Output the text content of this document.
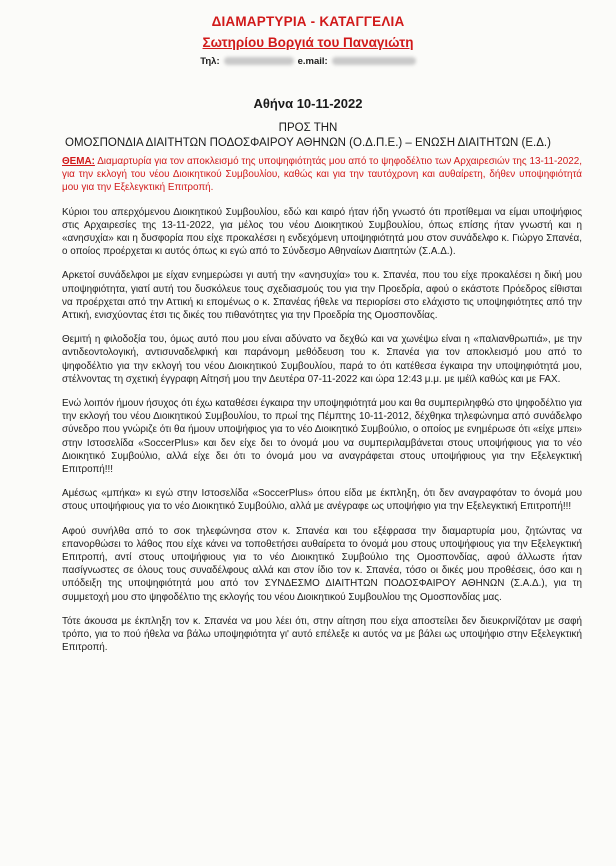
ΔΙΑΜΑΡΤΥΡΙΑ - ΚΑΤΑΓΓΕΛΙΑ
Σωτηρίου Βοργιά του Παναγιώτη
Τηλ:	e.mail:
Αθήνα 10-11-2022
ΠΡΟΣ ΤΗΝ
ΟΜΟΣΠΟΝΔΙΑ ΔΙΑΙΤΗΤΩΝ ΠΟΔΟΣΦΑΙΡΟΥ ΑΘΗΝΩΝ (Ο.Δ.Π.Ε.) – ΕΝΩΣΗ ΔΙΑΙΤΗΤΩΝ (Ε.Δ.)

ΘΕΜΑ: Διαμαρτυρία για τον αποκλεισμό της υποψηφιότητάς μου από το ψηφοδέλτιο των Αρχαιρεσιών της 13-11-2022, για την εκλογή του νέου Διοικητικού Συμβουλίου, καθώς και για την ταυτόχρονη και αυθαίρετη, δήθεν υποψηφιότητά μου για την Εξελεγκτική Επιτροπή.

Κύριοι του απερχόμενου Διοικητικού Συμβουλίου, εδώ και καιρό ήταν ήδη γνωστό ότι προτίθεμαι να είμαι υποψήφιος στις Αρχαιρεσίες της 13-11-2022, για μέλος του νέου Διοικητικού Συμβουλίου, όπως επίσης ήταν γνωστή και η «ανησυχία» και η δυσφορία που είχε προκαλέσει η ενδεχόμενη υποψηφιότητά μου στον συνάδελφο κ. Γιώργο Σπανέα, ο οποίος προέρχεται κι αυτός όπως κι εγώ από το Σύνδεσμο Αθηναίων Διαιτητών (Σ.Α.Δ.).

Αρκετοί συνάδελφοι με είχαν ενημερώσει γι αυτή την «ανησυχία» του κ. Σπανέα, που του είχε προκαλέσει η δική μου υποψηφιότητα, γιατί αυτή του δυσκόλευε τους σχεδιασμούς του για την Προεδρία, αφού ο εκάστοτε Πρόεδρος είθισται να προέρχεται από την Αττική κι επομένως ο κ. Σπανέας ήθελε να περιορίσει στο ελάχιστο τις υποψηφιότητες από την Αττική, ενισχύοντας έτσι τις δικές του πιθανότητες για την Προεδρία της Ομοσπονδίας.

Θεμιτή η φιλοδοξία του, όμως αυτό που μου είναι αδύνατο να δεχθώ και να χωνέψω είναι η «παλιανθρωπιά», με την αντιδεοντολογική, αντισυναδελφική και παράνομη μεθόδευση του κ. Σπανέα για τον αποκλεισμό μου από το ψηφοδέλτιο για την εκλογή του νέου Διοικητικού Συμβουλίου, παρά το ότι κατέθεσα έγκαιρα την υποψηφιότητά μου, στέλνοντας τη σχετική έγγραφη Αίτησή μου την Δευτέρα 07-11-2022 και ώρα 12:43 μ.μ. με ιμέϊλ καθώς και με FAX.

Ενώ λοιπόν ήμουν ήσυχος ότι έχω καταθέσει έγκαιρα την υποψηφιότητά μου και θα συμπεριληφθώ στο ψηφοδέλτιο για την εκλογή του νέου Διοικητικού Συμβουλίου, το πρωί της Πέμπτης 10-11-2012, δέχθηκα τηλεφώνημα από συνάδελφο σύνεδρο που γνώριζε ότι θα ήμουν υποψήφιος για το νέο Διοικητικό Συμβούλιο, ο οποίος με ενημέρωσε ότι «είχε μπει» στην Ιστοσελίδα «SoccerPlus» και δεν είχε δει το όνομά μου να συμπεριλαμβάνεται στους υποψήφιους για το νέο Διοικητικό Συμβούλιο, αλλά είχε δει ότι το όνομά μου να αναγράφεται στους υποψήφιους για την Εξελεγκτική Επιτροπή!!!

Αμέσως «μπήκα» κι εγώ στην Ιστοσελίδα «SoccerPlus» όπου είδα με έκπληξη, ότι δεν αναγραφόταν το όνομά μου στους υποψήφιους για το νέο Διοικητικό Συμβούλιο, αλλά με ανέγραφε ως υποψήφιο για την Εξελεγκτική Επιτροπή!!!

Αφού συνήλθα από το σοκ τηλεφώνησα στον κ. Σπανέα και του εξέφρασα την διαμαρτυρία μου, ζητώντας να επανορθώσει το λάθος που είχε κάνει να τοποθετήσει αυθαίρετα το όνομά μου στους υποψήφιους για την Εξελεγκτική Επιτροπή, αντί στους υποψήφιους για το νέο Διοικητικό Συμβούλιο της Ομοσπονδίας, αφού άλλωστε ήταν πασίγνωστες σε όλους τους συναδέλφους αλλά και στον ίδιο τον κ. Σπανέα, τόσο οι δικές μου προθέσεις, όσο και η υπόδειξη της υποψηφιότητά μου από τον ΣΥΝΔΕΣΜΟ ΔΙΑΙΤΗΤΩΝ ΠΟΔΟΣΦΑΙΡΟΥ ΑΘΗΝΩΝ (Σ.Α.Δ.), για τη συμμετοχή μου στο ψηφοδέλτιο της εκλογής του νέου Διοικητικού Συμβουλίου της Ομοσπονδίας μας.

Τότε άκουσα με έκπληξη τον κ. Σπανέα να μου λέει ότι, στην αίτηση που είχα αποστείλει δεν διευκρινίζόταν με σαφή τρόπο, για το πού ήθελα να βάλω υποψηφιότητα γι' αυτό επέλεξε κι αυτός να με βάλει ως υποψήφιο στην Εξελεγκτική Επιτροπή.
